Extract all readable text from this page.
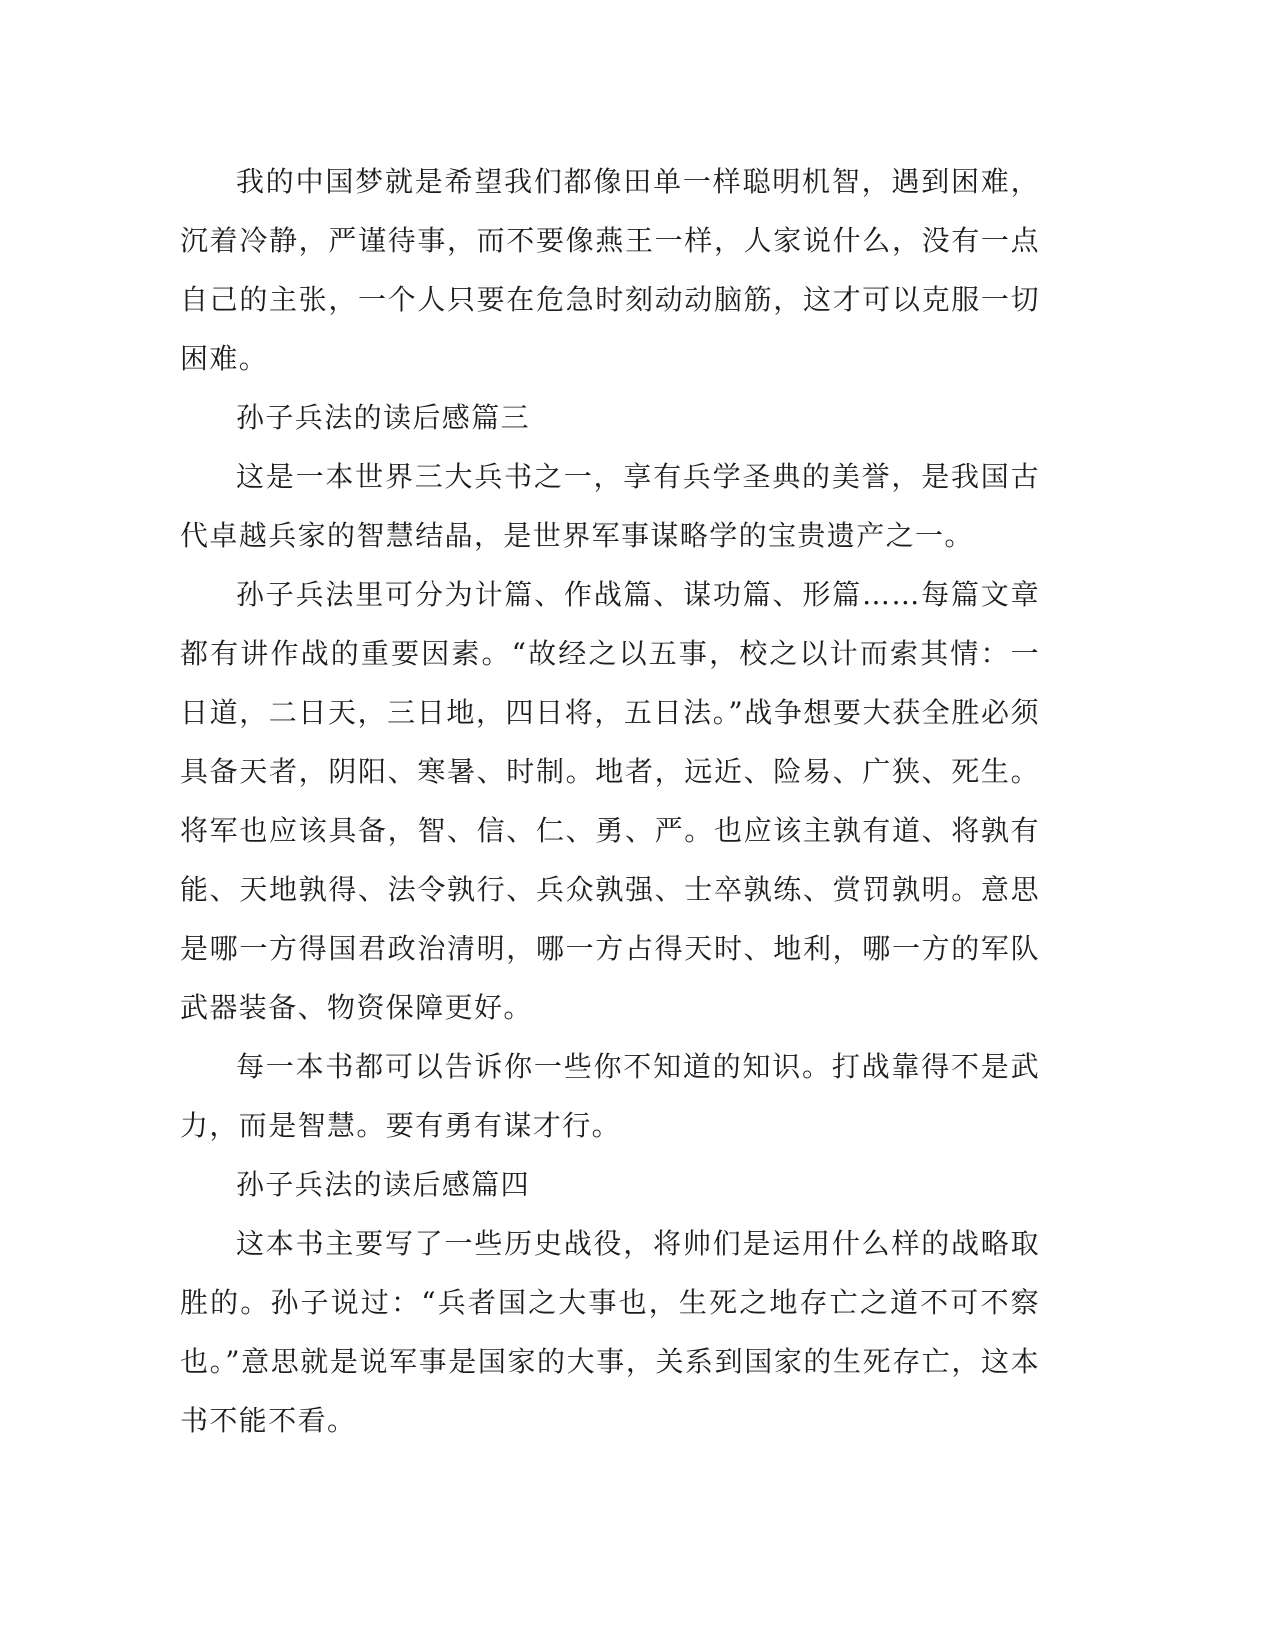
我的中国梦就是希望我们都像田单一样聪明机智，遇到困难，沉着冷静，严谨待事，而不要像燕王一样，人家说什么，没有一点自己的主张，一个人只要在危急时刻动动脑筋，这才可以克服一切困难。

孙子兵法的读后感篇三

这是一本世界三大兵书之一，享有兵学圣典的美誉，是我国古代卓越兵家的智慧结晶，是世界军事谋略学的宝贵遗产之一。

孙子兵法里可分为计篇、作战篇、谋功篇、形篇……每篇文章都有讲作战的重要因素。“故经之以五事，校之以计而索其情：一日道，二日天，三日地，四日将，五日法。”战争想要大获全胜必须具备天者，阴阳、寒暑、时制。地者，远近、险易、广狭、死生。将军也应该具备，智、信、仁、勇、严。也应该主孰有道、将孰有能、天地孰得、法令孰行、兵众孰强、士卒孰练、赏罚孰明。意思是哪一方得国君政治清明，哪一方占得天时、地利，哪一方的军队武器装备、物资保障更好。

每一本书都可以告诉你一些你不知道的知识。打战靠得不是武力，而是智慧。要有勇有谋才行。

孙子兵法的读后感篇四

这本书主要写了一些历史战役，将帅们是运用什么样的战略取胜的。孙子说过：“兵者国之大事也，生死之地存亡之道不可不察也。”意思就是说军事是国家的大事，关系到国家的生死存亡，这本书不能不看。
